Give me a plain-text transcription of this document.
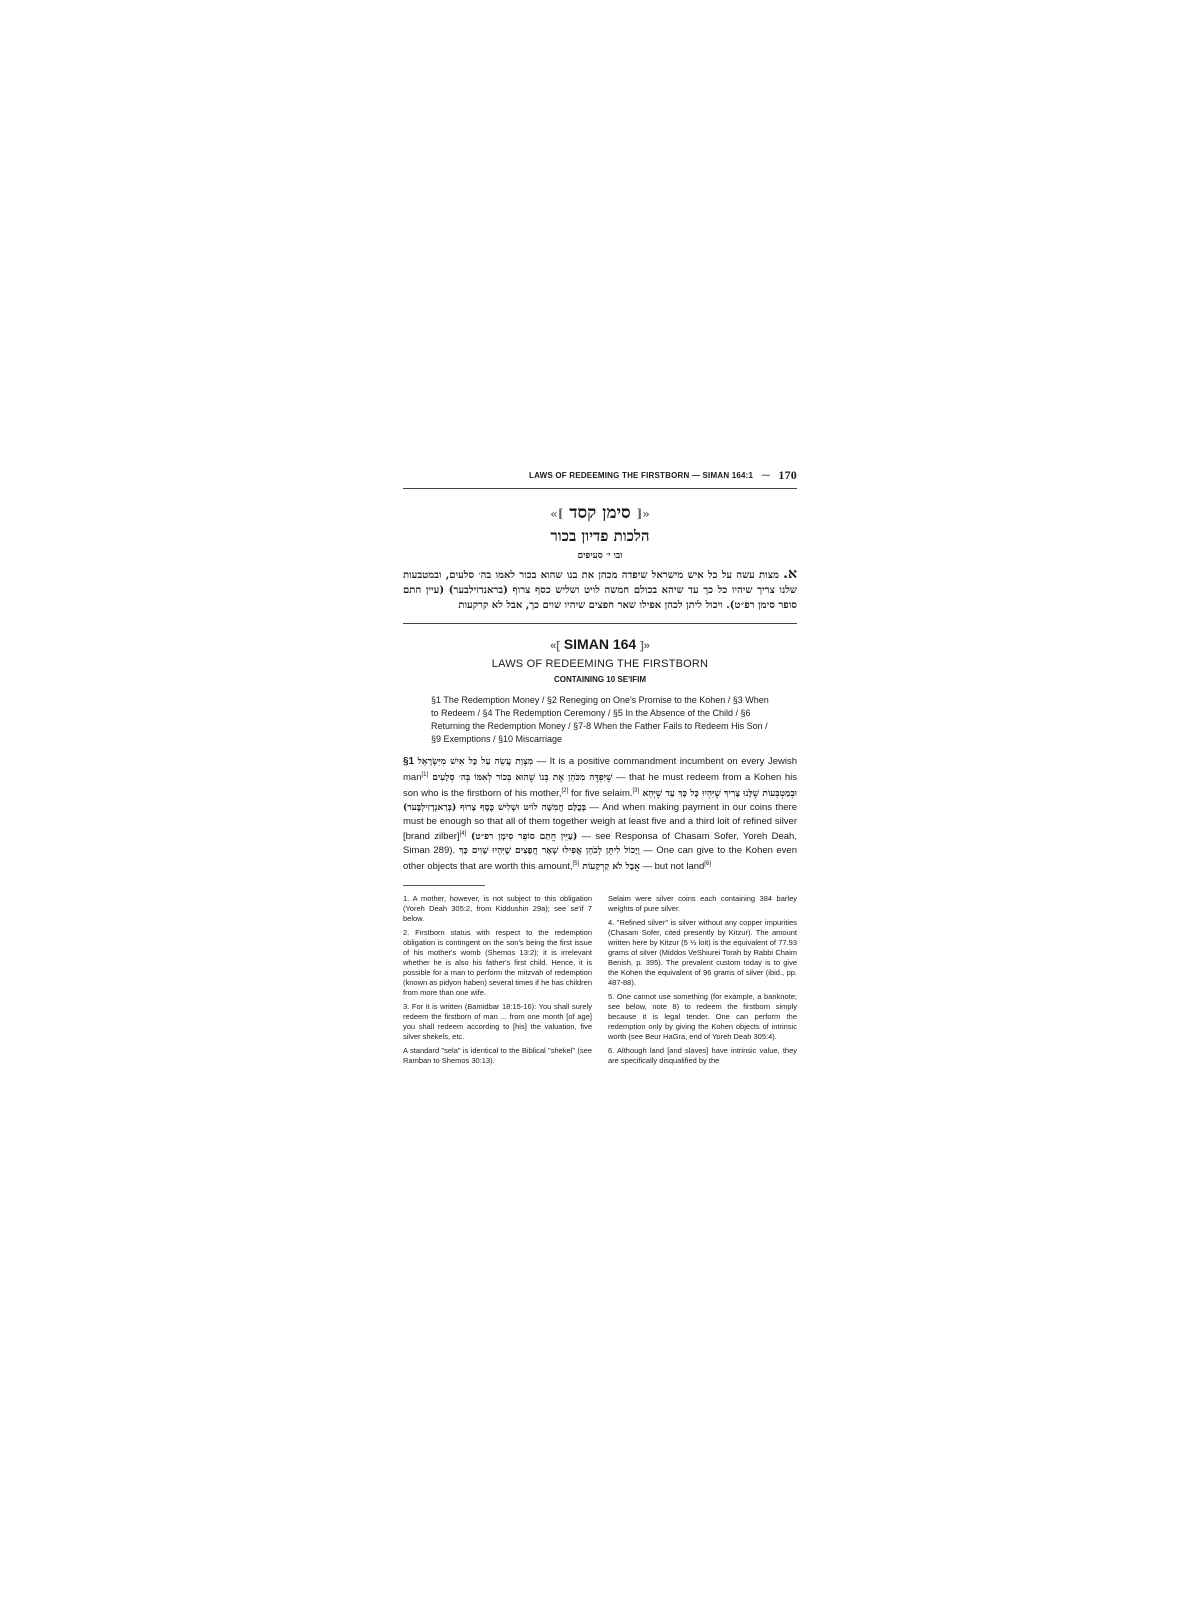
LAWS OF REDEEMING THE FIRSTBORN — SIMAN 164:1 ⁓ 170
«[ סימן קסד ]»
הלכות פדיון בכור
ובו י׳ סעיפים
א. מצות עשה על כל איש מישראל שיפדה מכהן את בנו שהוא בכור לאמו בה׳ סלעים, ובמטבעות שלנו צריך שיהיו כל כך עד שיהא בכולם חמשה לויט ושליש כסף צרוף (בראנדזילבער) (עיין חתם סופר סימן רפ״ט). ויכול ליתן לכהן אפילו שאר חפצים שיהיו שוים כך, אבל לא קרקעות
«[ SIMAN 164 ]»
LAWS OF REDEEMING THE FIRSTBORN
CONTAINING 10 SE'IFIM
§1 The Redemption Money / §2 Reneging on One's Promise to the Kohen / §3 When to Redeem / §4 The Redemption Ceremony / §5 In the Absence of the Child / §6 Returning the Redemption Money / §7-8 When the Father Fails to Redeem His Son / §9 Exemptions / §10 Miscarriage
§1 מִצְוַת עֲשֵׂה עַל כָּל אִישׁ מִיִּשְׂרָאֵל — It is a positive commandment incumbent on every Jewish man[1] שֶׁיִּפְדֶּה מִכֹּהֵן אֶת בְּנוֹ שֶׁהוּא בְּכוֹר לְאִמּוֹ בְּה׳ סְלָעִים — that he must redeem from a Kohen his son who is the firstborn of his mother,[2] for five selaim.[3] וּבְמַטְבְּעוֹת שֶׁלָּנוּ צָרִיךְ שֶׁיִּהְיוּ כָּל כָּךְ עַד שֶׁיְּהֵא בְּכֻלָּם חֲמִשָּׁה לוֹיט וּשְׁלִישׁ כֶּסֶף צָרוּף (בְּרַאנְדְזִילְבֶּער) — And when making payment in our coins there must be enough so that all of them together weigh at least five and a third loit of refined silver [brand zilber][4] (עַיֵּין חֲתַם סוֹפֵר סִימָן רפ״ט) — see Responsa of Chasam Sofer, Yoreh Deah, Siman 289). וְיָכוֹל לִיתֵּן לְכֹהֵן אֲפִילוּ שְׁאָר חֲפָצִים שֶׁיִּהְיוּ שָׁוִים כָּךְ — One can give to the Kohen even other objects that are worth this amount,[5] אֲבָל לֹא קַרְקָעוֹת — but not land[6]

1. A mother, however, is not subject to this obligation (Yoreh Deah 305:2, from Kiddushin 29a); see se'if 7 below.

2. Firstborn status with respect to the redemption obligation is contingent on the son's being the first issue of his mother's womb (Shemos 13:2); it is irrelevant whether he is also his father's first child. Hence, it is possible for a man to perform the mitzvah of redemption (known as pidyon haben) several times if he has children from more than one wife.

3. For it is written (Bamidbar 18:15-16): You shall surely redeem the firstborn of man ... from one month [of age] you shall redeem according to [his] the valuation, five silver shekels, etc.

A standard "sela" is identical to the Biblical "shekel" (see Ramban to Shemos 30:13).

Selaim were silver coins each containing 384 barley weights of pure silver.

4. "Refined silver" is silver without any copper impurities (Chasam Sofer, cited presently by Kitzur). The amount written here by Kitzur (5 ⅓ loit) is the equivalent of 77.93 grams of silver (Middos VeShiurei Torah by Rabbi Chaim Benish, p. 395). The prevalent custom today is to give the Kohen the equivalent of 96 grams of silver (ibid., pp. 487-88).

5. One cannot use something (for example, a banknote; see below, note 8) to redeem the firstborn simply because it is legal tender. One can perform the redemption only by giving the Kohen objects of intrinsic worth (see Beur HaGra, end of Yoreh Deah 305:4).

6. Although land [and slaves] have intrinsic value, they are specifically disqualified by the
